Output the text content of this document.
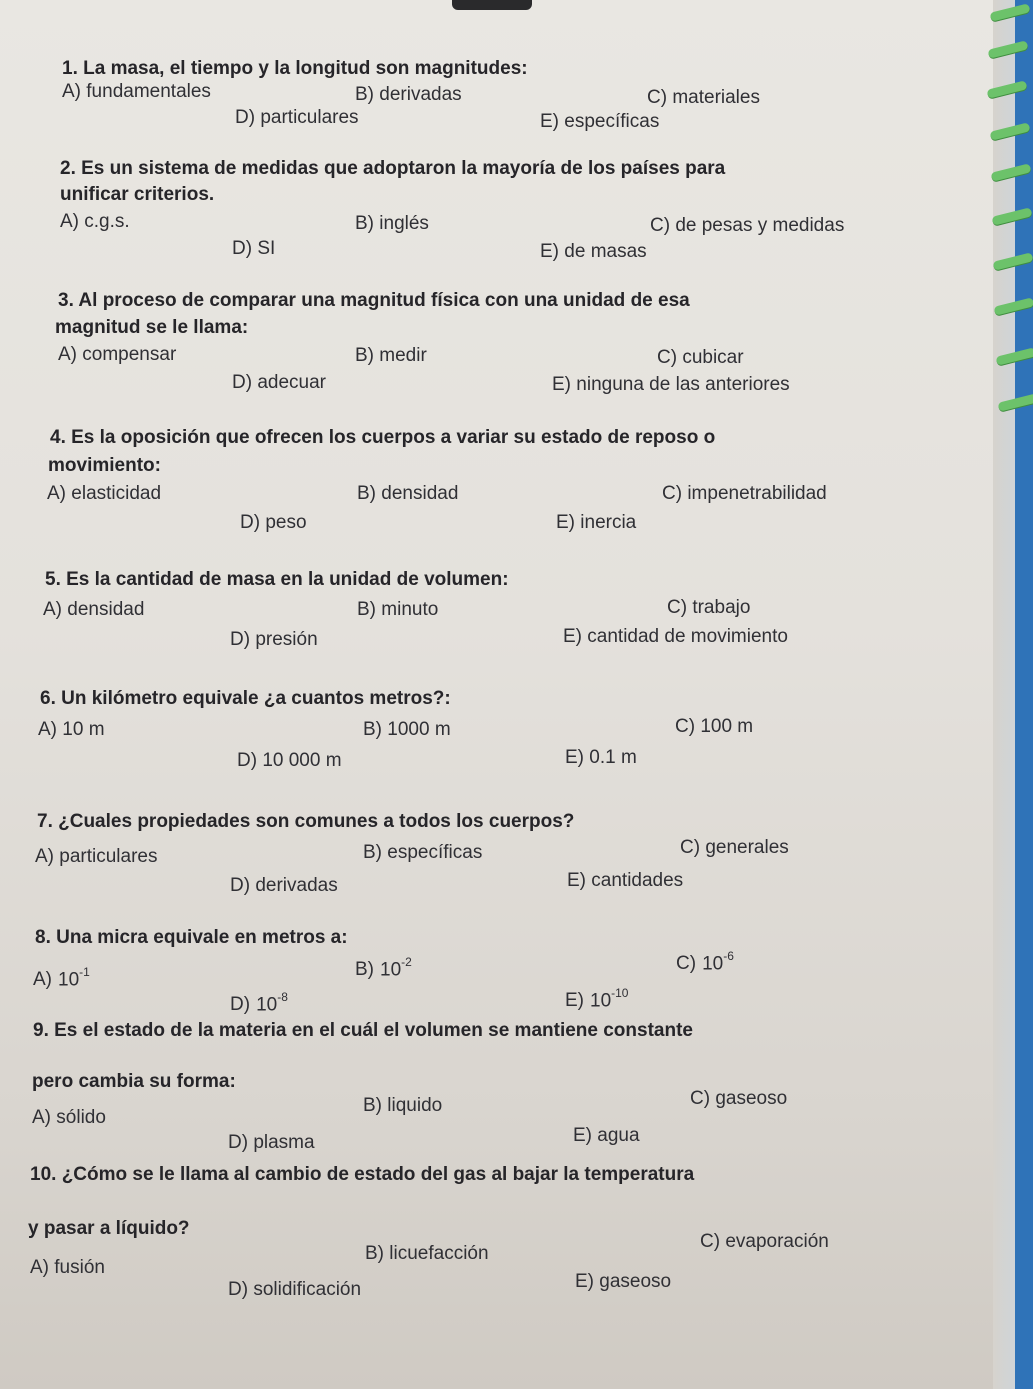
1. La masa, el tiempo y la longitud son magnitudes:
A) fundamentales	B) derivadas	C) materiales
D) particulares	E) específicas
2. Es un sistema de medidas que adoptaron la mayoría de los países para
unificar criterios.
A) c.g.s.	B) inglés	C) de pesas y medidas
D) SI	E) de masas
3. Al proceso de comparar una magnitud física con una unidad de esa
magnitud se le llama:
A) compensar	B) medir	C) cubicar
D) adecuar	E) ninguna de las anteriores
4. Es la oposición que ofrecen los cuerpos a variar su estado de reposo o
movimiento:
A) elasticidad	B) densidad	C) impenetrabilidad
D) peso	E) inercia
5. Es la cantidad de masa en la unidad de volumen:
A) densidad	B) minuto	C) trabajo
D) presión	E) cantidad de movimiento
6. Un kilómetro equivale ¿a cuantos metros?:
A) 10 m	B) 1000 m	C) 100 m
D) 10 000 m	E) 0.1 m
7. ¿Cuales propiedades son comunes a todos los cuerpos?
A) particulares	B) específicas	C) generales
D) derivadas	E) cantidades
8. Una micra equivale en metros a:
A) $10^{-1}$	B) $10^{-2}$	C) $10^{-6}$
D) $10^{-8}$	E) $10^{-10}$
9. Es el estado de la materia en el cuál el volumen se mantiene constante
pero cambia su forma:
A) sólido
B) liquido	C) gaseoso
D) plasma	E) agua
10. ¿Cómo se le llama al cambio de estado del gas al bajar la temperatura
y pasar a líquido?
A) fusión
B) licuefacción
C) evaporación
D) solidificación	E) gaseoso
